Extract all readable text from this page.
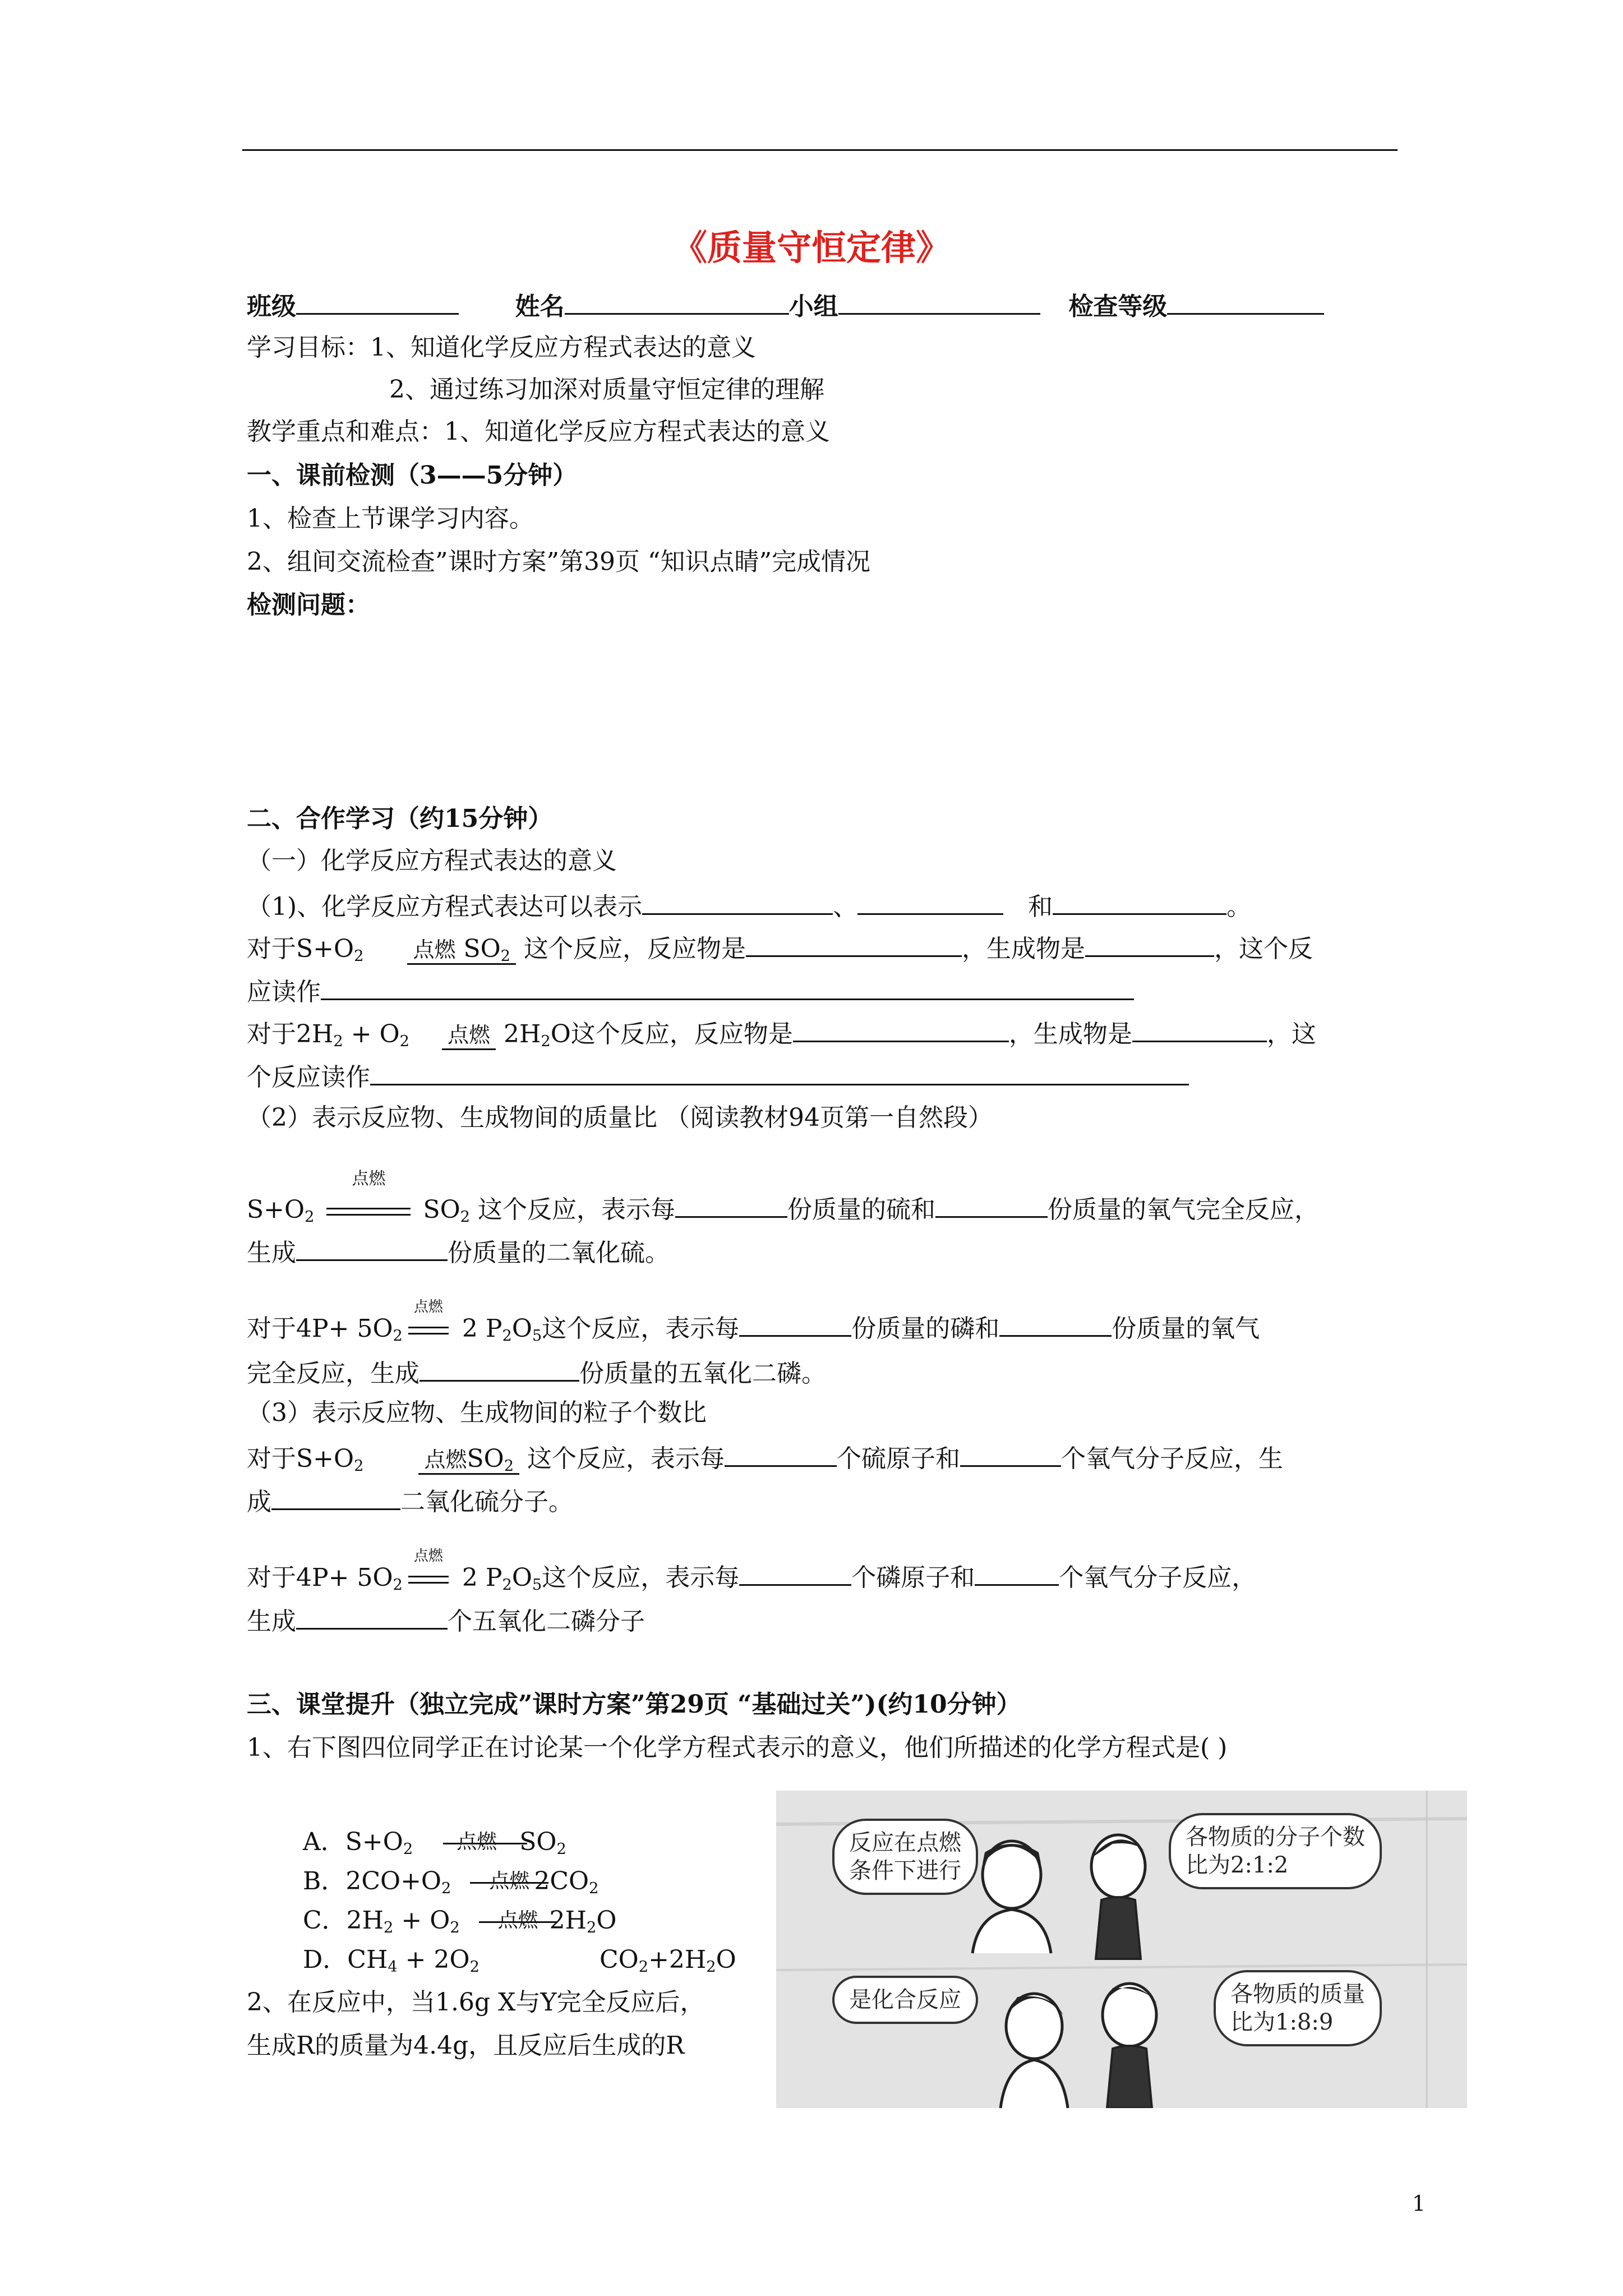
《质量守恒定律》
班级	姓名	小组	检查等级
学习目标：1、知道化学反应方程式表达的意义
2、通过练习加深对质量守恒定律的理解
教学重点和难点：1、知道化学反应方程式表达的意义
一、课前检测（3——5分钟）
1、检查上节课学习内容。
2、组间交流检查”课时方案”第39页 “知识点睛”完成情况
检测问题：
二、合作学习（约15分钟）
（一）化学反应方程式表达的意义
（1)、化学反应方程式表达可以表示	、	和	。
对于$S+O_2$ 点燃 $SO_2$ 这个反应，反应物是	，生成物是	，这个反
应读作
对于$2H_2 + O_2$ 点燃 $2H_2O$这个反应，反应物是	，生成物是	，这
个反应读作
（2）表示反应物、生成物间的质量比 （阅读教材94页第一自然段）
$S+O_2$
点燃
$SO_2$ 这个反应，表示每	份质量的硫和	份质量的氧气完全反应，
生成	份质量的二氧化硫。
对于$4P+ 5O_2$
点燃
2 $P_2O_5$这个反应，表示每	份质量的磷和	份质量的氧气
完全反应，生成	份质量的五氧化二磷。
（3）表示反应物、生成物间的粒子个数比
对于$S+O_2$	点燃$SO_2$ 这个反应，表示每	个硫原子和	个氧气分子反应，生
成	二氧化硫分子。
对于$4P+ 5O_2$
点燃
2 $P_2O_5$这个反应，表示每	个磷原子和	个氧气分子反应，
生成	个五氧化二磷分子
三、课堂提升（独立完成”课时方案”第29页 “基础过关”)(约10分钟）
1、右下图四位同学正在讨论某一个化学方程式表示的意义，他们所描述的化学方程式是( )
A．$S+O_2$ 点燃 $SO_2$
B．$2CO+O_2$ 点燃 $2CO_2$
C．$2H_2 + O_2$ 点燃 $2H_2O$
D．$CH_4 + 2O_2$	$CO_2+2H_2O$
2、在反应中，当1.6g X与Y完全反应后，
生成R的质量为4.4g，且反应后生成的R
反应在点燃
条件下进行
各物质的分子个数
比为2:1:2
是化合反应	各物质的质量
比为1:8:9
1
